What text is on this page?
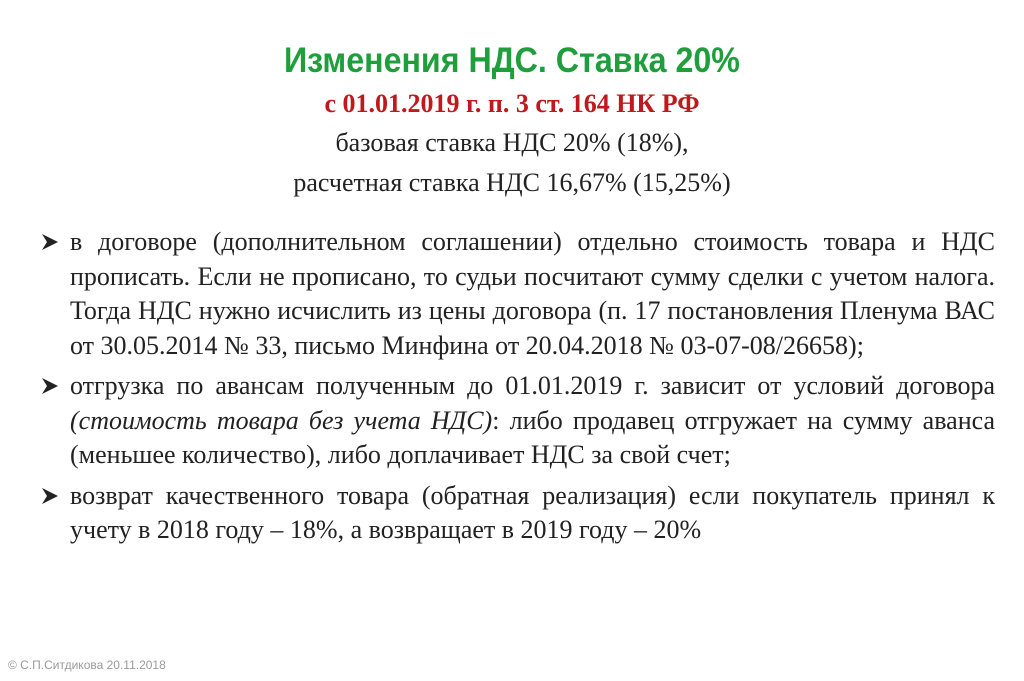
Изменения НДС. Ставка 20%
с 01.01.2019 г. п. 3 ст. 164 НК РФ
базовая ставка НДС 20% (18%),
расчетная ставка НДС 16,67% (15,25%)
в договоре (дополнительном соглашении) отдельно стоимость товара и НДС прописать. Если не прописано, то судьи посчитают сумму сделки с учетом налога. Тогда НДС нужно исчислить из цены договора (п. 17 постановления Пленума ВАС от 30.05.2014 № 33, письмо Минфина от 20.04.2018 № 03-07-08/26658);
отгрузка по авансам полученным до 01.01.2019 г. зависит от условий договора (стоимость товара без учета НДС): либо продавец отгружает на сумму аванса (меньшее количество), либо доплачивает НДС за свой счет;
возврат качественного товара (обратная реализация) если покупатель принял к учету в 2018 году – 18%, а возвращает в 2019 году – 20%
© С.П.Ситдикова 20.11.2018
